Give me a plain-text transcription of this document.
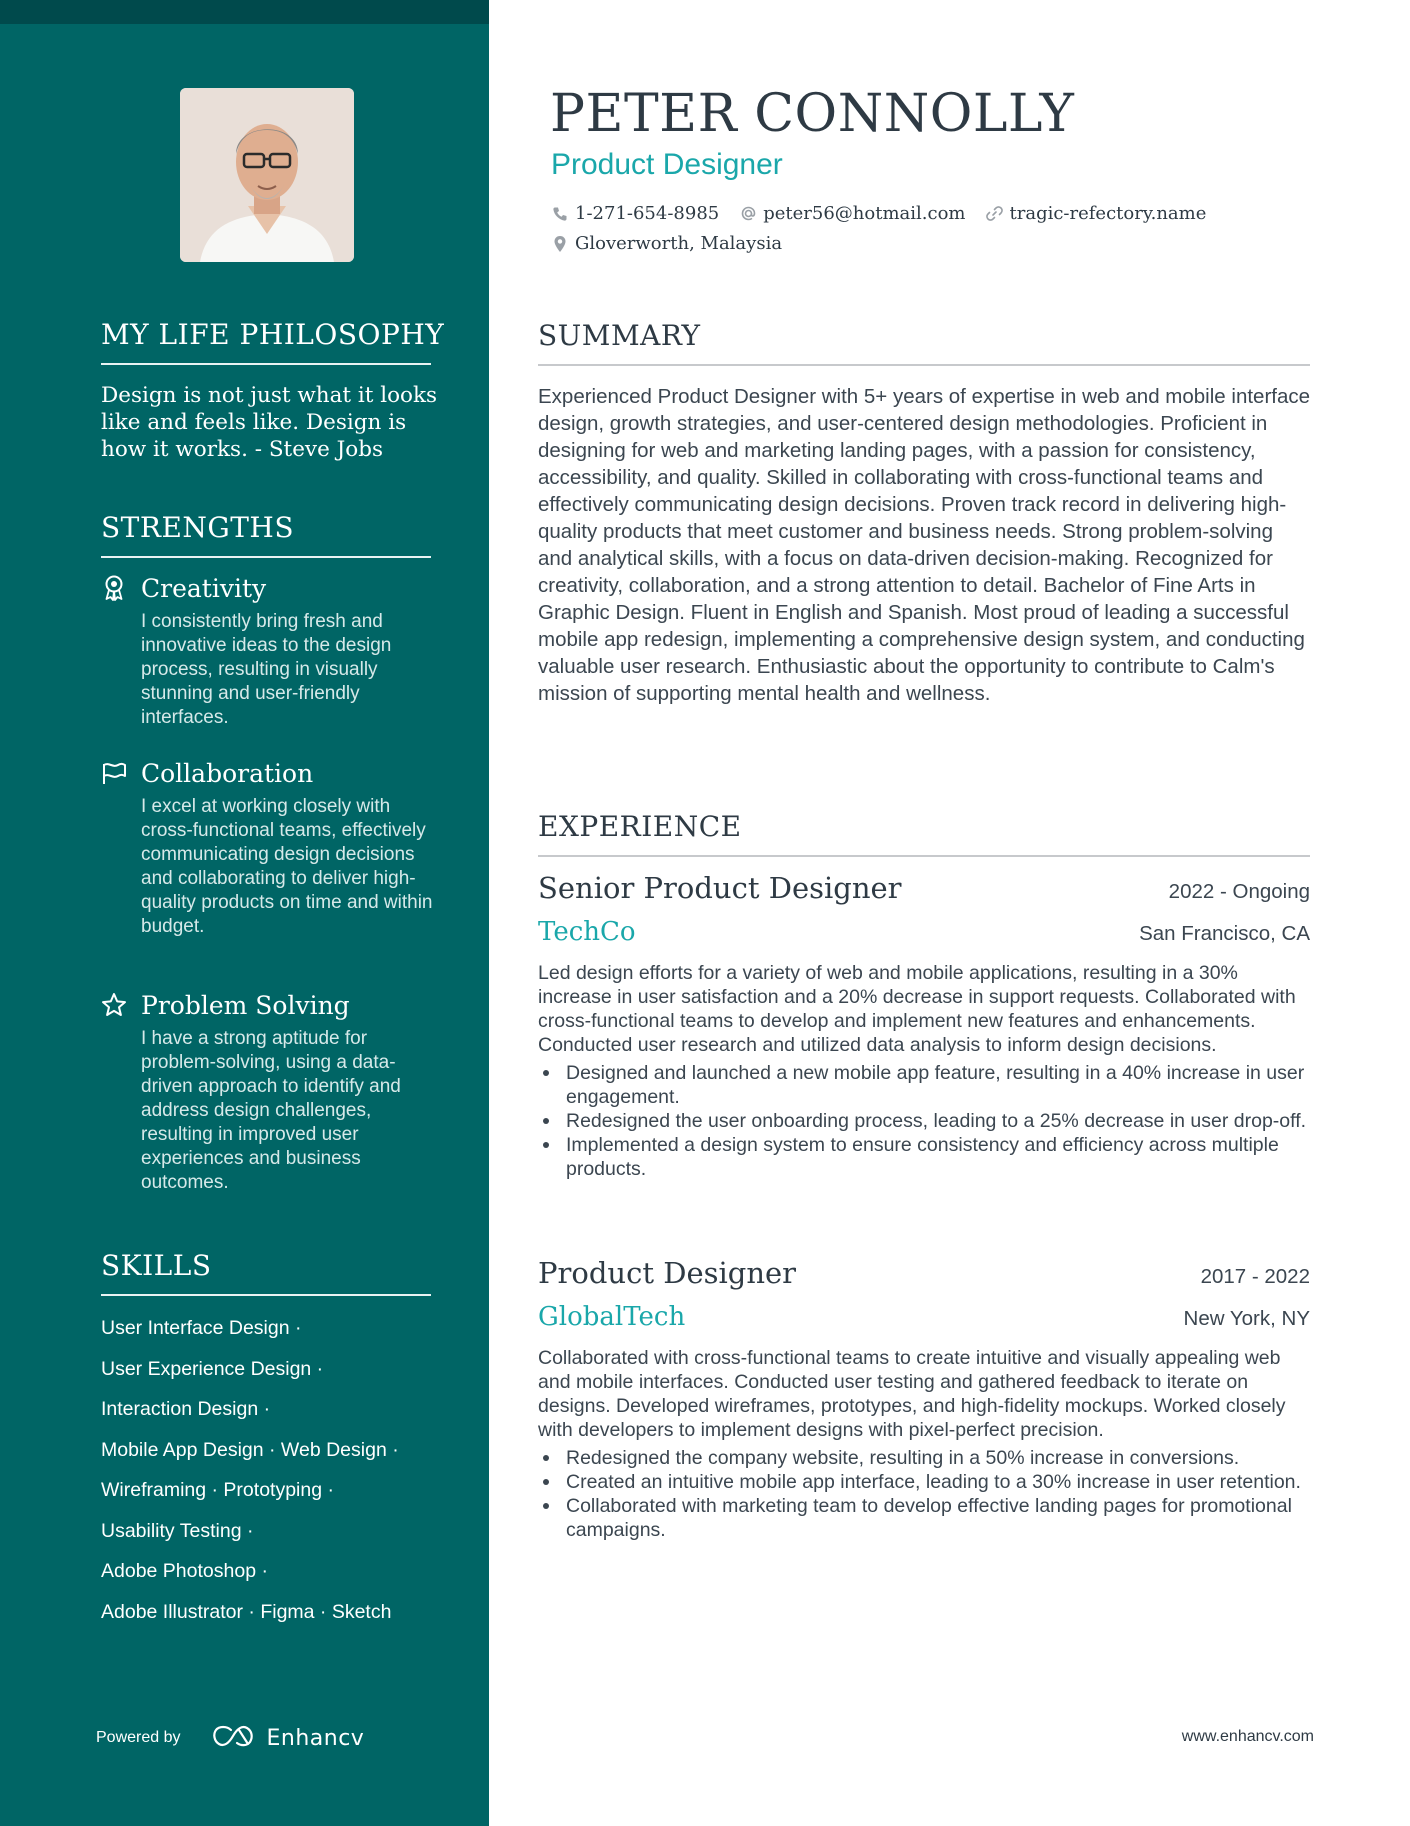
MY LIFE PHILOSOPHY
Design is not just what it looks like and feels like. Design is how it works. - Steve Jobs
STRENGTHS
Creativity
I consistently bring fresh and innovative ideas to the design process, resulting in visually stunning and user-friendly interfaces.
Collaboration
I excel at working closely with cross-functional teams, effectively communicating design decisions and collaborating to deliver high-quality products on time and within budget.
Problem Solving
I have a strong aptitude for problem-solving, using a data-driven approach to identify and address design challenges, resulting in improved user experiences and business outcomes.
SKILLS
User Interface Design ·
User Experience Design ·
Interaction Design ·
Mobile App Design · Web Design ·
Wireframing · Prototyping ·
Usability Testing ·
Adobe Photoshop ·
Adobe Illustrator · Figma · Sketch
Powered by	Enhancv
PETER CONNOLLY
Product Designer
1-271-654-8985 peter56@hotmail.com tragic-refectory.name
Gloverworth, Malaysia
SUMMARY
Experienced Product Designer with 5+ years of expertise in web and mobile interface design, growth strategies, and user-centered design methodologies. Proficient in designing for web and marketing landing pages, with a passion for consistency, accessibility, and quality. Skilled in collaborating with cross-functional teams and effectively communicating design decisions. Proven track record in delivering high-quality products that meet customer and business needs. Strong problem-solving and analytical skills, with a focus on data-driven decision-making. Recognized for creativity, collaboration, and a strong attention to detail. Bachelor of Fine Arts in Graphic Design. Fluent in English and Spanish. Most proud of leading a successful mobile app redesign, implementing a comprehensive design system, and conducting valuable user research. Enthusiastic about the opportunity to contribute to Calm's mission of supporting mental health and wellness.
EXPERIENCE
Senior Product Designer	2022 - Ongoing
TechCo	San Francisco, CA
Led design efforts for a variety of web and mobile applications, resulting in a 30% increase in user satisfaction and a 20% decrease in support requests. Collaborated with cross-functional teams to develop and implement new features and enhancements. Conducted user research and utilized data analysis to inform design decisions.
Designed and launched a new mobile app feature, resulting in a 40% increase in user engagement.
Redesigned the user onboarding process, leading to a 25% decrease in user drop-off.
Implemented a design system to ensure consistency and efficiency across multiple products.
Product Designer	2017 - 2022
GlobalTech	New York, NY
Collaborated with cross-functional teams to create intuitive and visually appealing web and mobile interfaces. Conducted user testing and gathered feedback to iterate on designs. Developed wireframes, prototypes, and high-fidelity mockups. Worked closely with developers to implement designs with pixel-perfect precision.
Redesigned the company website, resulting in a 50% increase in conversions.
Created an intuitive mobile app interface, leading to a 30% increase in user retention.
Collaborated with marketing team to develop effective landing pages for promotional campaigns.
www.enhancv.com
